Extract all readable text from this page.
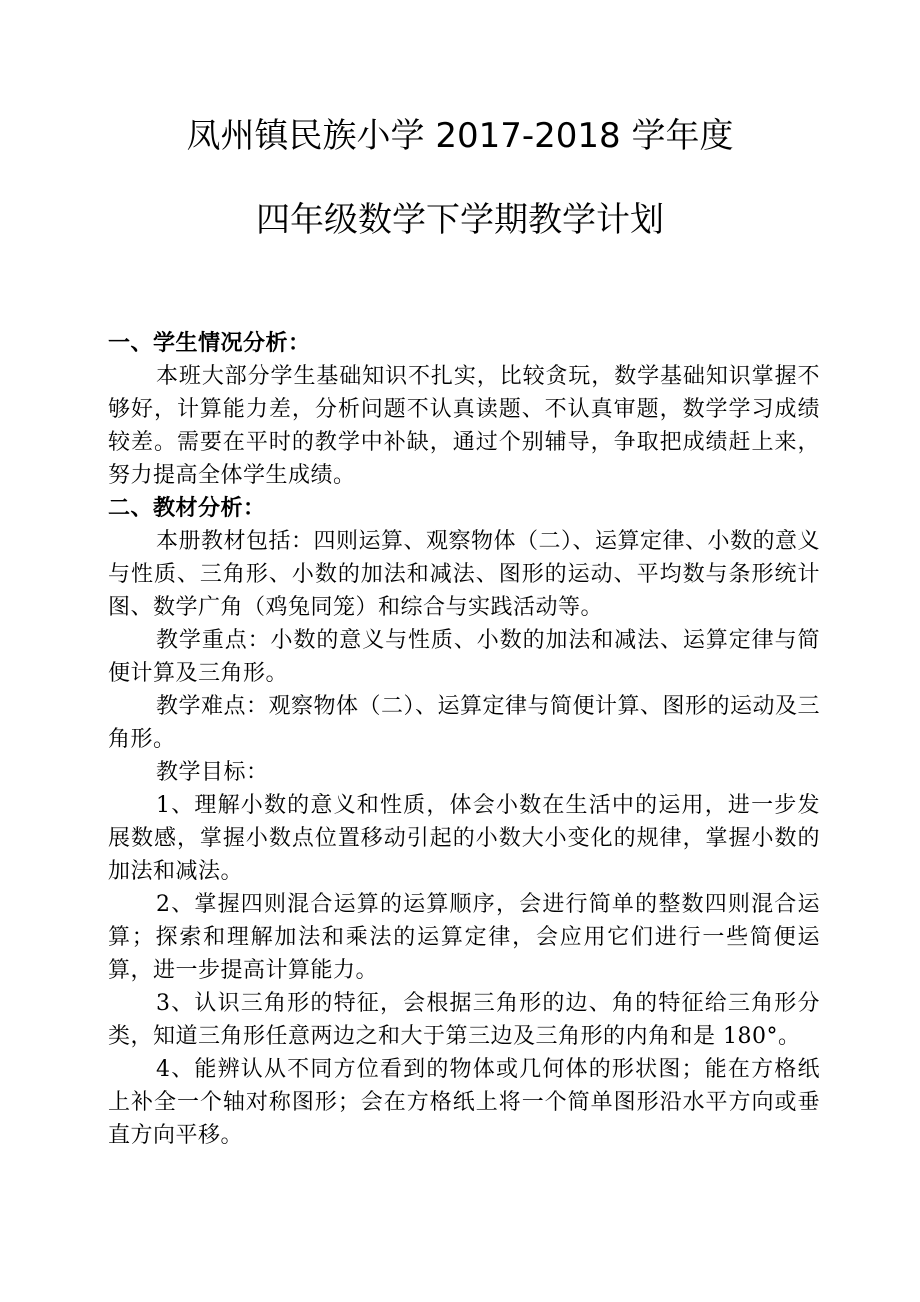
凤州镇民族小学 2017-2018 学年度
四年级数学下学期教学计划

一、学生情况分析：

本班大部分学生基础知识不扎实，比较贪玩，数学基础知识掌握不够好，计算能力差，分析问题不认真读题、不认真审题，数学学习成绩较差。需要在平时的教学中补缺，通过个别辅导，争取把成绩赶上来，努力提高全体学生成绩。

二、教材分析：

本册教材包括：四则运算、观察物体（二）、运算定律、小数的意义与性质、三角形、小数的加法和减法、图形的运动、平均数与条形统计图、数学广角（鸡兔同笼）和综合与实践活动等。

教学重点：小数的意义与性质、小数的加法和减法、运算定律与简便计算及三角形。

教学难点：观察物体（二）、运算定律与简便计算、图形的运动及三角形。

教学目标：

1、理解小数的意义和性质，体会小数在生活中的运用，进一步发展数感，掌握小数点位置移动引起的小数大小变化的规律，掌握小数的加法和减法。

2、掌握四则混合运算的运算顺序，会进行简单的整数四则混合运算；探索和理解加法和乘法的运算定律，会应用它们进行一些简便运算，进一步提高计算能力。

3、认识三角形的特征，会根据三角形的边、角的特征给三角形分类，知道三角形任意两边之和大于第三边及三角形的内角和是 180°。

4、能辨认从不同方位看到的物体或几何体的形状图；能在方格纸上补全一个轴对称图形；会在方格纸上将一个简单图形沿水平方向或垂直方向平移。
